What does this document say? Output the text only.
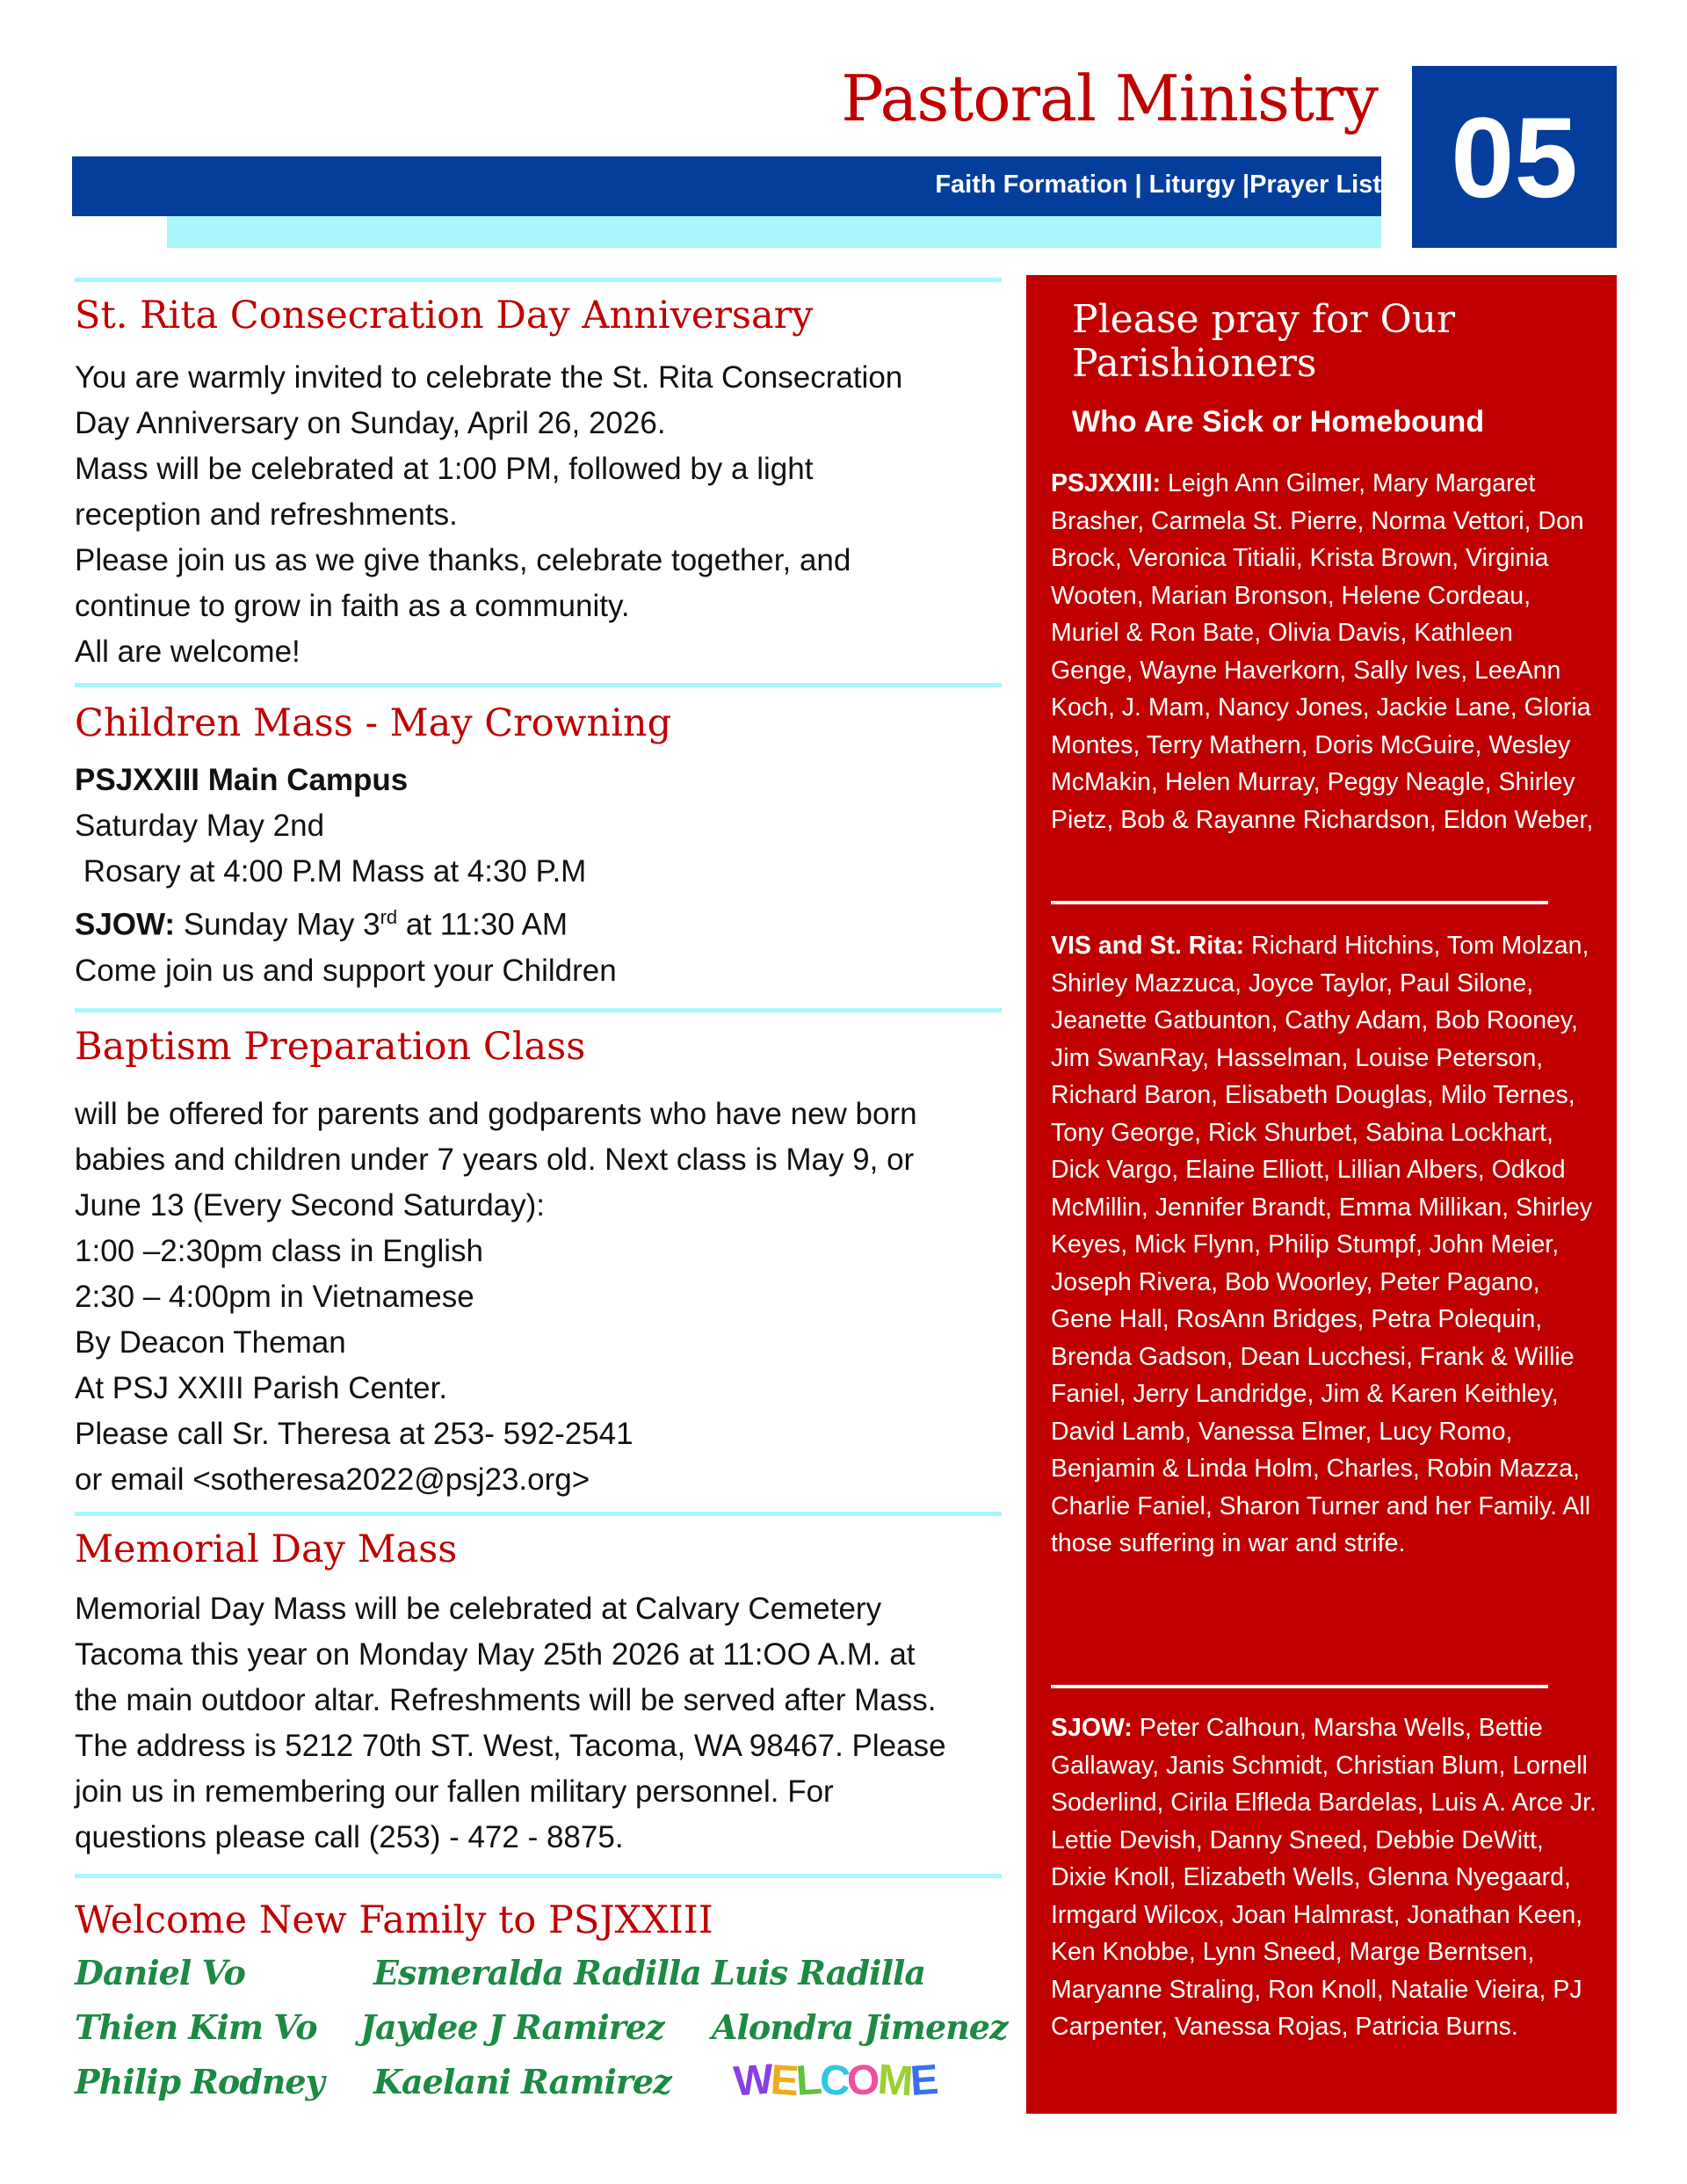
Pastoral Ministry
Faith Formation | Liturgy |Prayer List 05
St. Rita Consecration Day Anniversary
You are warmly invited to celebrate the St. Rita Consecration
Day Anniversary on Sunday, April 26, 2026.
Mass will be celebrated at 1:00 PM, followed by a light
reception and refreshments.
Please join us as we give thanks, celebrate together, and
continue to grow in faith as a community.
All are welcome!
Children Mass - May Crowning
PSJXXIII Main Campus
Saturday May 2nd
Rosary at 4:00 P.M Mass at 4:30 P.M
SJOW: Sunday May 3rd at 11:30 AM
Come join us and support your Children
Baptism Preparation Class
will be offered for parents and godparents who have new born
babies and children under 7 years old. Next class is May 9, or
June 13 (Every Second Saturday):
1:00 –2:30pm class in English
2:30 – 4:00pm in Vietnamese
By Deacon Theman
At PSJ XXIII Parish Center.
Please call Sr. Theresa at 253- 592-2541
or email <sotheresa2022@psj23.org>
Memorial Day Mass
Memorial Day Mass will be celebrated at Calvary Cemetery
Tacoma this year on Monday May 25th 2026 at 11:OO A.M. at
the main outdoor altar. Refreshments will be served after Mass.
The address is 5212 70th ST. West, Tacoma, WA 98467. Please
join us in remembering our fallen military personnel. For
questions please call (253) - 472 - 8875.
Welcome New Family to PSJXXIII
Daniel Vo	Esmeralda Radilla Luis Radilla
Thien Kim Vo Jaydee J Ramirez Alondra Jimenez
Philip Rodney Kaelani Ramirez WELCOME
Please pray for Our
Parishioners
Who Are Sick or Homebound
PSJXXIII: Leigh Ann Gilmer, Mary Margaret Brasher, Carmela St. Pierre, Norma Vettori, Don Brock, Veronica Titialii, Krista Brown, Virginia Wooten, Marian Bronson, Helene Cordeau, Muriel & Ron Bate, Olivia Davis, Kathleen Genge, Wayne Haverkorn, Sally Ives, LeeAnn Koch, J. Mam, Nancy Jones, Jackie Lane, Gloria Montes, Terry Mathern, Doris McGuire, Wesley McMakin, Helen Murray, Peggy Neagle, Shirley Pietz, Bob & Rayanne Richardson, Eldon Weber,
VIS and St. Rita: Richard Hitchins, Tom Molzan, Shirley Mazzuca, Joyce Taylor, Paul Silone, Jeanette Gatbunton, Cathy Adam, Bob Rooney, Jim SwanRay, Hasselman, Louise Peterson, Richard Baron, Elisabeth Douglas, Milo Ternes, Tony George, Rick Shurbet, Sabina Lockhart, Dick Vargo, Elaine Elliott, Lillian Albers, Odkod McMillin, Jennifer Brandt, Emma Millikan, Shirley Keyes, Mick Flynn, Philip Stumpf, John Meier, Joseph Rivera, Bob Woorley, Peter Pagano, Gene Hall, RosAnn Bridges, Petra Polequin, Brenda Gadson, Dean Lucchesi, Frank & Willie Faniel, Jerry Landridge, Jim & Karen Keithley, David Lamb, Vanessa Elmer, Lucy Romo, Benjamin & Linda Holm, Charles, Robin Mazza, Charlie Faniel, Sharon Turner and her Family. All those suffering in war and strife.
SJOW: Peter Calhoun, Marsha Wells, Bettie Gallaway, Janis Schmidt, Christian Blum, Lornell Soderlind, Cirila Elfleda Bardelas, Luis A. Arce Jr. Lettie Devish, Danny Sneed, Debbie DeWitt, Dixie Knoll, Elizabeth Wells, Glenna Nyegaard, Irmgard Wilcox, Joan Halmrast, Jonathan Keen, Ken Knobbe, Lynn Sneed, Marge Berntsen, Maryanne Straling, Ron Knoll, Natalie Vieira, PJ Carpenter, Vanessa Rojas, Patricia Burns.
